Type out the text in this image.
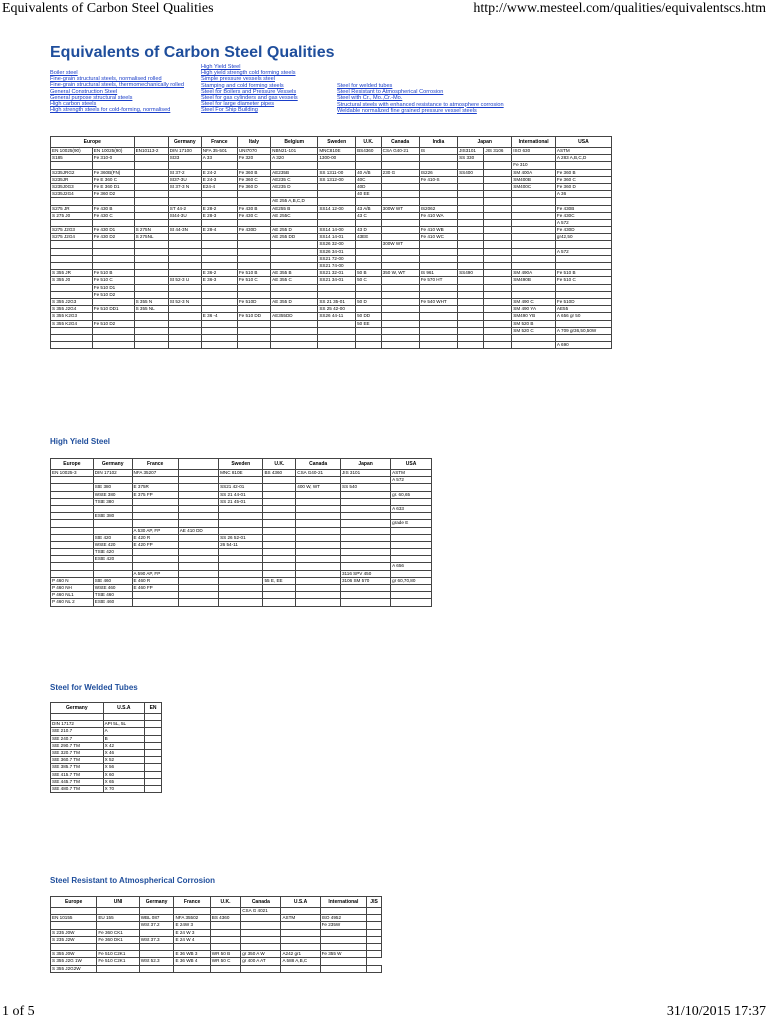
Equivalents of Carbon Steel Qualities	http://www.mesteel.com/qualities/equivalentscs.htm
Equivalents of Carbon Steel Qualities
Boiler steel
Fine-grain structural steels, normalised rolled
Fine-grain structural steels, thermomechanically rolled
General Construction Steel
General purpose structural steels
High carbon steels
High strength steels for cold-forming, normalised
High Yield Steel
High yield strength cold forming steels
Simple pressure vessels steel
Stamping and cold forming steels
Steel for Boilers and Pressure Vessels
Steel for gas cylinders and gas vessels
Steel for large diameter pipes
Steel For Ship Building
Steel for welded tubes
Steel Resistant to Atmospherical Corrosion
Steel with Cr., Mo.,Cr.-Mo.
Structural steels with enhanced resistance to atmosphere corrosion
Weldable normalized fine grained pressure vessel steels
Europe			Germany	France	Italy	Belgium	Sweden	U.K.	Canada	India	Japan		International	USA
EN 10025(90)	EN 10025(90)	EN10113-2	DIN 17100	NFA 35-501	UNI7070	NBN21-101	MNC810E	BS4360	CSA G40-21	IS	JIS3101	JIS 3106	ISO 630	ASTM
S185	Fe 310-0		St33	A 33	Fe 320	A 320	1300-00				SS 330			A 283 A,B,C,D
													Fe 310	
S235JRG2	Fe 360B(FN)		St 37-2	E 24-2	Fe 360 B	AE235B	SS 1311-00	40 A/B	230 G	IS226	SS400		SM 400A	Fe 360 B
S235JR	Fe E 360 C		St37-3U	E 24-3	Fe 360 C	AE235 C	SS 1312-00	40C		Fe 410-S			SM400B	Fe 360 C
S235J0G3	Fe E 360 D1		St 37-3 N	E24-4	Fe 360 D	AE235 D		40D					SM400C	Fe 360 D
S235J2G4	Fe 360 D2							40 EE						A 36
						AE 255 A,B,C,D								
S275 JR	Fe 430 B		ST 44-2	E 28-2	Fe 430 B	AE255 B	SS14 12-00	43 A/B	300W WT	IS2062				Fe 430B
S 275 J0	Fe 430 C		St44-3U	E 28-3	Fe 430 C	AE 255C		43 C		Fe 410 WA				Fe 430C
														A 572
S275 J2G3	Fe 430 D1	S 275N	St 44-3N	E 28-4	Fe 430D	AE 255 D	SS14 14-00	43 D		Fe 410 WB				Fe 430D
S275 J2G4	Fe 430 D2	S 275NL				AE 255 DD	SS14 14-01	43EE		Fe 410 WC				gr42,50
							SS26 32-00		300W WT					
							SS26 34-01							A 572
							SS21 72-00							
							SS21 74-00							
S 355 JR	Fe 510 B			E 36-2	Fe 510 B	AE 355 B	SS21 32-01	50 B	350 W, WT	IS 961	SS490		SM 490A	Fe 510 B
S 355 J0	Fe 510 C		St 52-3 U	E 36-3	Fe 510 C	AE 355 C	SS21 34-01	50 C		Fe 570 HT			SM490B	Fe 510 C
	Fe 510 D1													
	Fe 510 D2													
S 355 J2G3		S 355 N	St 52-3 N		Fe 510D	AE 355 D	SS 21 35-01	50 D		Fe 540 WHT			SM 490 C	Fe 510D
S 355 J2G4	Fe 510 DD1	S 355 NL					SS 25 42-00						SM 490 YA	AE55
S 355 K2G3				E 36 -4	Fe 510 DD	AE355DD	SS26 44-11	50 DD					SM490 YB	A 656 gr 50
S 355 K2G4	Fe 510 D2							50 EE					SM 520 B	
													SM 520 C	A 709 gr36,50,50W

														A 690
High Yield Steel
Europe	Germany	France		Sweden	U.K.	Canada	Japan	USA
EN 10025-3	DIN 17102	NFA 35207		MNC 810E	BS 4360	CSA G40-21	JIS 3101	ASTM
								A 572
	StE 380	E 375R		SS21 42-01		400 W, WT	SS 540	
	WStE 380	E 375 FP		SS 21 44-01				gr. 60,65
	TStE 380			SS 21 45-01				
								A 633
	EStE 380							
								grade E
		A 530 AP, FP	AE 410 DD					
	StE 420	E 420 R		SS 26 52-01				
	WStE 420	E 420 FP		26 54-11				
	TStE 420							
	EStE 420							
								A 656
		A 590 AP, FP					3116 SPV 450	
P 460 N	StE 460	E 460 R			55 E, EE		3106 SM 570	gr 60,70,80
P 460 NH	WStE 460	E 460 FP						
P 460 NL1	TStE 460							
P 460 NL 2	EStE 460							
Steel for Welded Tubes
Germany	U.S.A	EN

DIN 17172	API 5L, 5L	
StE 210.7	A	
StE 240.7	B	
StE 290.7 TM	X 42	
StE 320.7 TM	X 46	
StE 360.7 TM	X 52	
StE 385.7 TM	X 56	
StE 415.7 TM	X 60	
StE 445.7 TM	X 65	
StE 480.7 TM	X 70	
Steel Resistant to Atmospherical Corrosion
Europe	UNI	Germany	France	U.K.	Canada	U.S.A	International	JIS
					CSA G 4021			
EN 10155	EU 155	WBL 087	NFA 35502	BS 4360		ASTM	ISO 4952	
		WSt 37.2	E 24W 3				Fe 235W	
S 235 J0W	Fe 360 CK1		E 24 W 3					
S 235 J2W	Fe 360 DK1	WSt 37.3	E 24 W 4					

S 355 J0W	Fe 510 C2K1		E 36 WB 3	WR 50 B	gr 350 A W	A242 gr1	Fe 355 W	
S 355 J2G 1W	Fe 510 C2K1	WSt 52.3	E 36 WB 4	WR 50 C	gr 400 A AT	A 588 A,B,C		
S 355 J2G2W								
1 of 5	31/10/2015 17:37
